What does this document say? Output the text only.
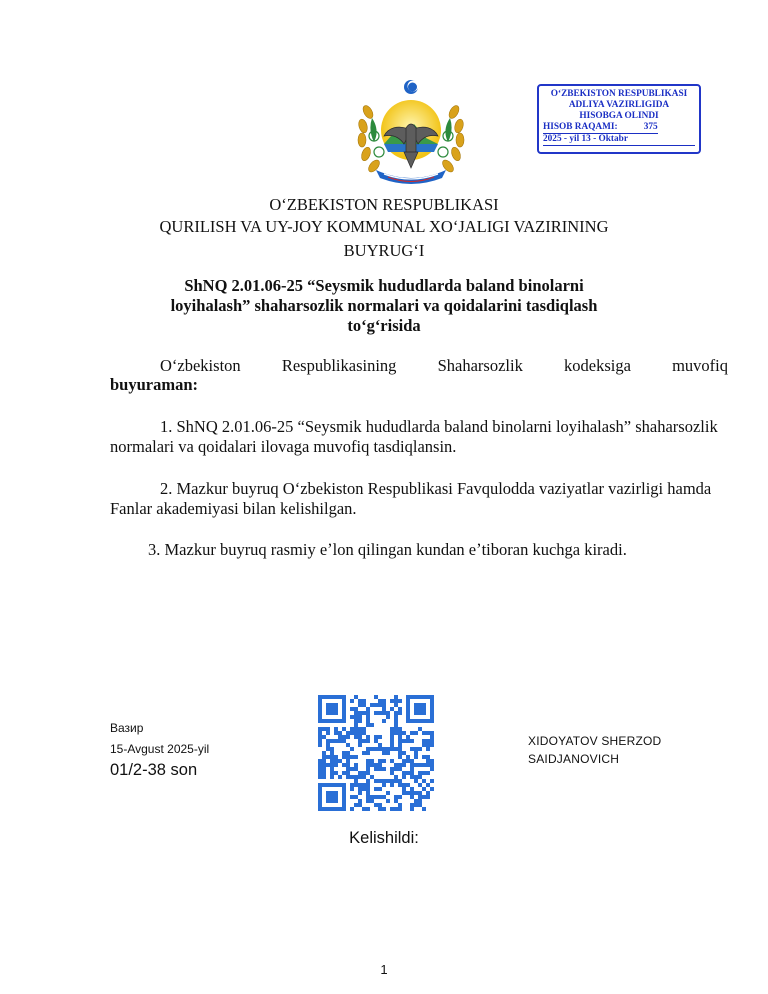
O‘ZBEKISTON RESPUBLIKASI
ADLIYA VAZIRLIGIDA
HISOBGA OLINDI
HISOB RAQAMI:	375
2025 - yil 13 - Oktabr
O‘ZBEKISTON RESPUBLIKASI
QURILISH VA UY-JOY KOMMUNAL XO‘JALIGI VAZIRINING
BUYRUG‘I
ShNQ 2.01.06-25 “Seysmik hududlarda baland binolarni
loyihalash” shaharsozlik normalari va qoidalarini tasdiqlash
toʻgʻrisida
Oʻzbekiston Respublikasining Shaharsozlik kodeksiga muvofiq
buyuraman:
1. ShNQ 2.01.06-25 “Seysmik hududlarda baland binolarni loyihalash” shaharsozlik normalari va qoidalari ilovaga muvofiq tasdiqlansin.
2. Mazkur buyruq Oʻzbekiston Respublikasi Favqulodda vaziyatlar vazirligi hamda Fanlar akademiyasi bilan kelishilgan.
3. Mazkur buyruq rasmiy eʼlon qilingan kundan eʼtiboran kuchga kiradi.
Вазир
15-Avgust 2025-yil
01/2-38 son
XIDOYATOV SHERZOD
SAIDJANOVICH
Kelishildi:
1
